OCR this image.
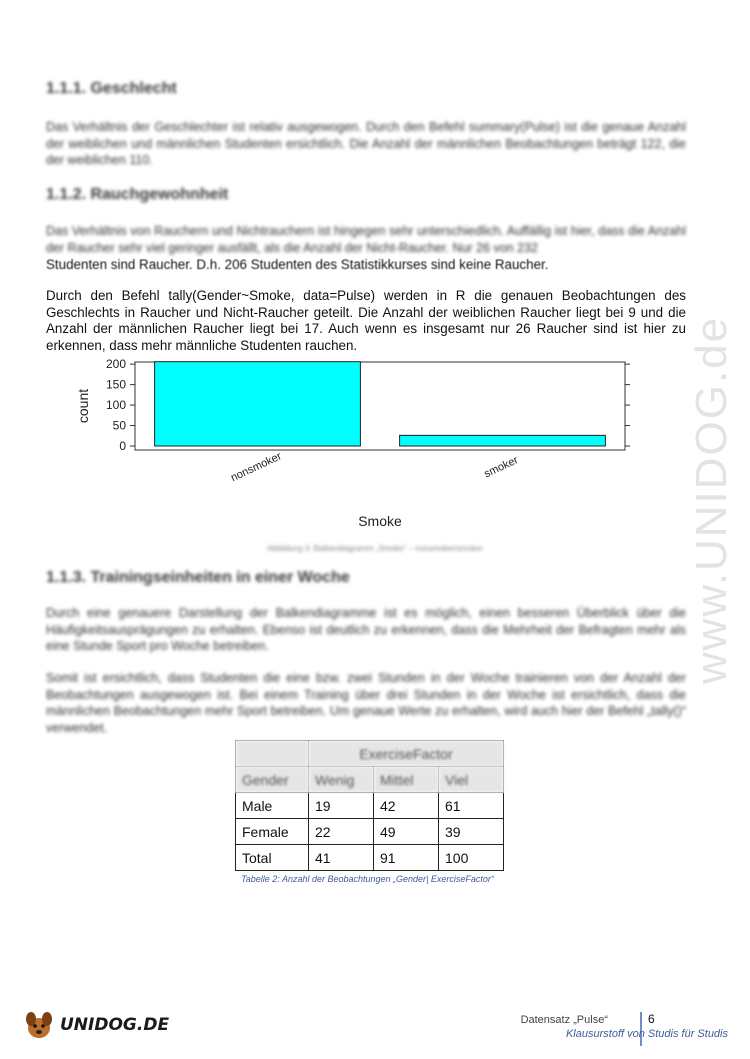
www.UNIDOG.de
1.1.1. Geschlecht
Das Verhältnis der Geschlechter ist relativ ausgewogen. Durch den Befehl summary(Pulse) ist die genaue Anzahl der weiblichen und männlichen Studenten ersichtlich. Die Anzahl der männlichen Beobachtungen beträgt 122, die der weiblichen 110.
1.1.2. Rauchgewohnheit
Das Verhältnis von Rauchern und Nichtrauchern ist hingegen sehr unterschiedlich. Auffällig ist hier, dass die Anzahl der Raucher sehr viel geringer ausfällt, als die Anzahl der Nicht-Raucher. Nur 26 von 232
Studenten sind Raucher. D.h. 206 Studenten des Statistikkurses sind keine Raucher.
Durch den Befehl tally(Gender~Smoke, data=Pulse) werden in R die genauen Beobachtungen des Geschlechts in Raucher und Nicht-Raucher geteilt. Die Anzahl der weiblichen Raucher liegt bei 9 und die Anzahl der männlichen Raucher liegt bei 17. Auch wenn es insgesamt nur 26 Raucher sind ist hier zu erkennen, dass mehr männliche Studenten rauchen.
0
50
100
150
200
nonsmoker	smoker
Smoke
count
Abbildung 3: Balkendiagramm „Smoke“ – nonsmoker/smoker
1.1.3. Trainingseinheiten in einer Woche
Durch eine genauere Darstellung der Balkendiagramme ist es möglich, einen besseren Überblick über die Häufigkeitsausprägungen zu erhalten. Ebenso ist deutlich zu erkennen, dass die Mehrheit der Befragten mehr als eine Stunde Sport pro Woche betreiben.
Somit ist ersichtlich, dass Studenten die eine bzw. zwei Stunden in der Woche trainieren von der Anzahl der Beobachtungen ausgewogen ist. Bei einem Training über drei Stunden in der Woche ist ersichtlich, dass die männlichen Beobachtungen mehr Sport betreiben. Um genaue Werte zu erhalten, wird auch hier der Befehl „tally()“ verwendet.
	ExerciseFactor		
Gender	Wenig	Mittel	Viel
Male	19	42	61
Female	22	49	39
Total	41	91	100
Tabelle 2: Anzahl der Beobachtungen „Gender| ExerciseFactor“
UNIDOG.DE	6
Datensatz „Pulse“
Klausurstoff von Studis für Studis
